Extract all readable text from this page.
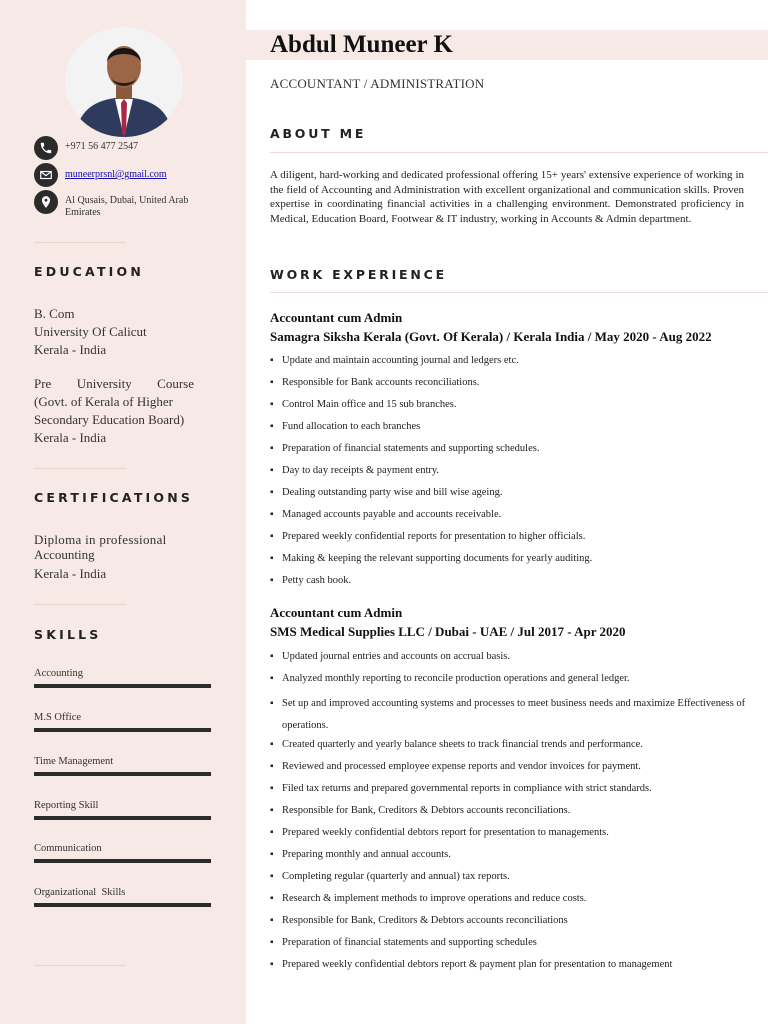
+971 56 477 2547
muneerprsnl@gmail.com
Al Qusais, Dubai, United Arab Emirates
EDUCATION
B. Com
University Of Calicut
Kerala - India
Pre University Course
(Govt. of Kerala of Higher
Secondary Education Board)
Kerala - India
CERTIFICATIONS
Diploma in professional
Accounting
Kerala - India
SKILLS
Accounting
M.S Office
Time Management
Reporting Skill
Communication
Organizational  Skills
Abdul Muneer K
ACCOUNTANT / ADMINISTRATION
ABOUT ME
A diligent, hard-working and dedicated professional offering 15+ years' extensive experience of working in the field of Accounting and Administration with excellent organizational and communication skills. Proven expertise in coordinating financial activities in a challenging environment. Demonstrated proficiency in Medical, Education Board, Footwear & IT industry, working in Accounts & Admin department.
WORK EXPERIENCE
Accountant cum Admin
Samagra Siksha Kerala (Govt. Of Kerala) / Kerala India / May 2020 - Aug 2022
▪ Update and maintain accounting journal and ledgers etc.
▪ Responsible for Bank accounts reconciliations.
▪ Control Main office and 15 sub branches.
▪ Fund allocation to each branches
▪ Preparation of financial statements and supporting schedules.
▪ Day to day receipts & payment entry.
▪ Dealing outstanding party wise and bill wise ageing.
▪ Managed accounts payable and accounts receivable.
▪ Prepared weekly confidential reports for presentation to higher officials.
▪ Making & keeping the relevant supporting documents for yearly auditing.
▪ Petty cash book.
Accountant cum Admin
SMS Medical Supplies LLC / Dubai - UAE / Jul 2017 - Apr 2020
▪ Updated journal entries and accounts on accrual basis.
▪ Analyzed monthly reporting to reconcile production operations and general ledger.
▪ Set up and improved accounting systems and processes to meet business needs and maximize Effectiveness of operations.
▪ Created quarterly and yearly balance sheets to track financial trends and performance.
▪ Reviewed and processed employee expense reports and vendor invoices for payment.
▪ Filed tax returns and prepared governmental reports in compliance with strict standards.
▪ Responsible for Bank, Creditors & Debtors accounts reconciliations.
▪ Prepared weekly confidential debtors report for presentation to managements.
▪ Preparing monthly and annual accounts.
▪ Completing regular (quarterly and annual) tax reports.
▪ Research & implement methods to improve operations and reduce costs.
▪ Responsible for Bank, Creditors & Debtors accounts reconciliations
▪ Preparation of financial statements and supporting schedules
▪ Prepared weekly confidential debtors report & payment plan for presentation to management
